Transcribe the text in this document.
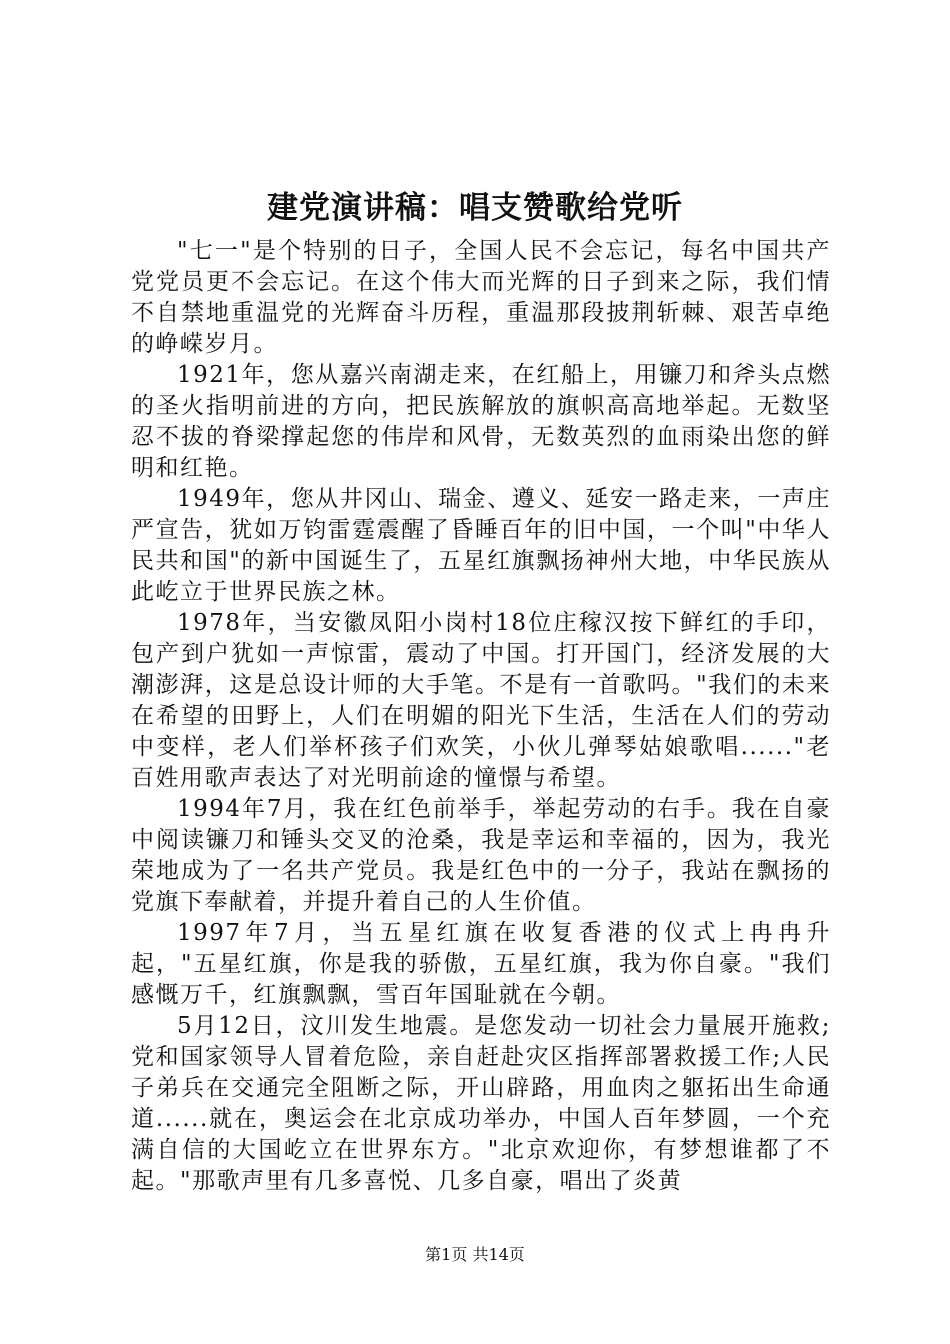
建党演讲稿：唱支赞歌给党听

"七一"是个特别的日子，全国人民不会忘记，每名中国共产党党员更不会忘记。在这个伟大而光辉的日子到来之际，我们情不自禁地重温党的光辉奋斗历程，重温那段披荆斩棘、艰苦卓绝的峥嵘岁月。

1921年，您从嘉兴南湖走来，在红船上，用镰刀和斧头点燃的圣火指明前进的方向，把民族解放的旗帜高高地举起。无数坚忍不拔的脊梁撑起您的伟岸和风骨，无数英烈的血雨染出您的鲜明和红艳。

1949年，您从井冈山、瑞金、遵义、延安一路走来，一声庄严宣告，犹如万钧雷霆震醒了昏睡百年的旧中国，一个叫"中华人民共和国"的新中国诞生了，五星红旗飘扬神州大地，中华民族从此屹立于世界民族之林。

1978年，当安徽凤阳小岗村18位庄稼汉按下鲜红的手印，包产到户犹如一声惊雷，震动了中国。打开国门，经济发展的大潮澎湃，这是总设计师的大手笔。不是有一首歌吗。"我们的未来在希望的田野上，人们在明媚的阳光下生活，生活在人们的劳动中变样，老人们举杯孩子们欢笑，小伙儿弹琴姑娘歌唱......"老百姓用歌声表达了对光明前途的憧憬与希望。

1994年7月，我在红色前举手，举起劳动的右手。我在自豪中阅读镰刀和锤头交叉的沧桑，我是幸运和幸福的，因为，我光荣地成为了一名共产党员。我是红色中的一分子，我站在飘扬的党旗下奉献着，并提升着自己的人生价值。

1997年7月，当五星红旗在收复香港的仪式上冉冉升起，"五星红旗，你是我的骄傲，五星红旗，我为你自豪。"我们感慨万千，红旗飘飘，雪百年国耻就在今朝。

5月12日，汶川发生地震。是您发动一切社会力量展开施救;党和国家领导人冒着危险，亲自赶赴灾区指挥部署救援工作;人民子弟兵在交通完全阻断之际，开山辟路，用血肉之躯拓出生命通道......就在，奥运会在北京成功举办，中国人百年梦圆，一个充满自信的大国屹立在世界东方。"北京欢迎你，有梦想谁都了不起。"那歌声里有几多喜悦、几多自豪，唱出了炎黄

第1页 共14页
